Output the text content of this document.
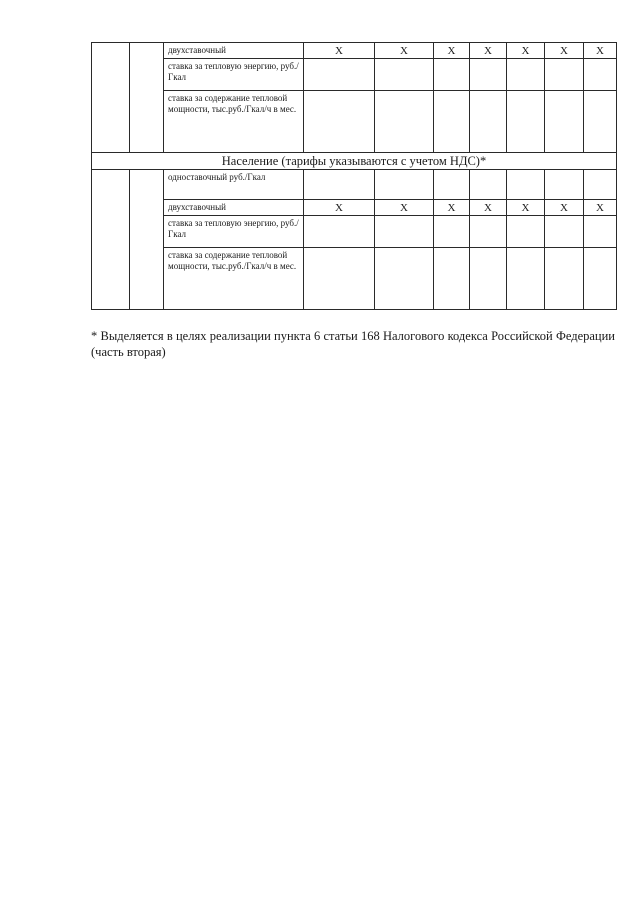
		двухставочный	Х	Х	Х	Х	Х	Х	Х
		ставка за тепловую энергию, руб./Гкал							
		ставка за содержание тепловой мощности, тыс.руб./Гкал/ч в мес.							
Население (тарифы указываются с учетом НДС)*									
		одноставочный руб./Гкал							
		двухставочный	Х	Х	Х	Х	Х	Х	Х
		ставка за тепловую энергию, руб./Гкал							
		ставка за содержание тепловой мощности, тыс.руб./Гкал/ч в мес.							

* Выделяется в целях реализации пункта 6 статьи 168 Налогового кодекса Российской Федерации (часть вторая)
